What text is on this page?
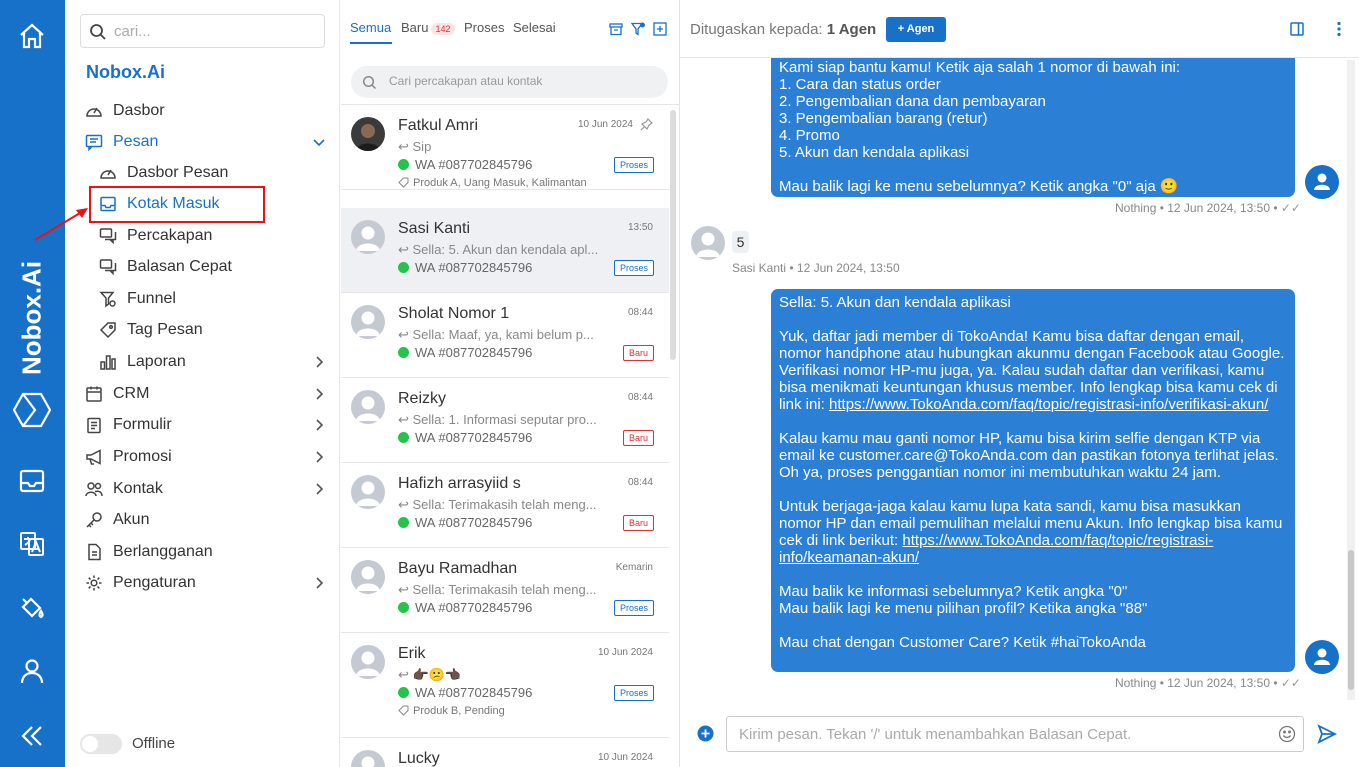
Nobox.Ai
cari...
Nobox.Ai
Dasbor
Pesan
Dasbor Pesan
Kotak Masuk
Percakapan
Balasan Cepat
Funnel
Tag Pesan
Laporan
CRM
Formulir
Promosi
Kontak
Akun
Berlangganan
Pengaturan
Offline
Semua Baru 142	Proses Selesai
Cari percakapan atau kontak
Fatkul Amri	10 Jun 2024
↩ Sip
WA #087702845796	Proses
Produk A, Uang Masuk, Kalimantan
Sasi Kanti	13:50
↩ Sella: 5. Akun dan kendala apl...
WA #087702845796	Proses
Sholat Nomor 1	08:44
↩ Sella: Maaf, ya, kami belum p...
WA #087702845796	Baru
Reizky	08:44
↩ Sella: 1. Informasi seputar pro...
WA #087702845796	Baru
Hafizh arrasyiid s	08:44
↩ Sella: Terimakasih telah meng...
WA #087702845796	Baru
Bayu Ramadhan	Kemarin
↩ Sella: Terimakasih telah meng...
WA #087702845796	Proses
Erik	10 Jun 2024
↩ 👉🏿😕👈🏿
WA #087702845796	Proses
Produk B, Pending
Lucky	10 Jun 2024

Kami siap bantu kamu! Ketik aja salah 1 nomor di bawah ini:
1. Cara dan status order
2. Pengembalian dana dan pembayaran
3. Pengembalian barang (retur)
4. Promo
5. Akun dan kendala aplikasi

Mau balik lagi ke menu sebelumnya? Ketik angka "0" aja 🙂

Nothing • 12 Jun 2024, 13:50 • ✓✓
5
Sasi Kanti • 12 Jun 2024, 13:50

Sella: 5. Akun dan kendala aplikasi

Yuk, daftar jadi member di TokoAnda! Kamu bisa daftar dengan email, nomor handphone atau hubungkan akunmu dengan Facebook atau Google. Verifikasi nomor HP-mu juga, ya. Kalau sudah daftar dan verifikasi, kamu bisa menikmati keuntungan khusus member. Info lengkap bisa kamu cek di link ini: https://www.TokoAnda.com/faq/topic/registrasi-info/verifikasi-akun/

Kalau kamu mau ganti nomor HP, kamu bisa kirim selfie dengan KTP via email ke customer.care@TokoAnda.com dan pastikan fotonya terlihat jelas. Oh ya, proses penggantian nomor ini membutuhkan waktu 24 jam.

Untuk berjaga-jaga kalau kamu lupa kata sandi, kamu bisa masukkan nomor HP dan email pemulihan melalui menu Akun. Info lengkap bisa kamu cek di link berikut: https://www.TokoAnda.com/faq/topic/registrasi-info/keamanan-akun/

Mau balik ke informasi sebelumnya? Ketik angka "0"
Mau balik lagi ke menu pilihan profil? Ketika angka "88"

Mau chat dengan Customer Care? Ketik #haiTokoAnda

Nothing • 12 Jun 2024, 13:50 • ✓✓
Ditugaskan kepada: 1 Agen	+ Agen
Kirim pesan. Tekan '/' untuk menambahkan Balasan Cepat.
